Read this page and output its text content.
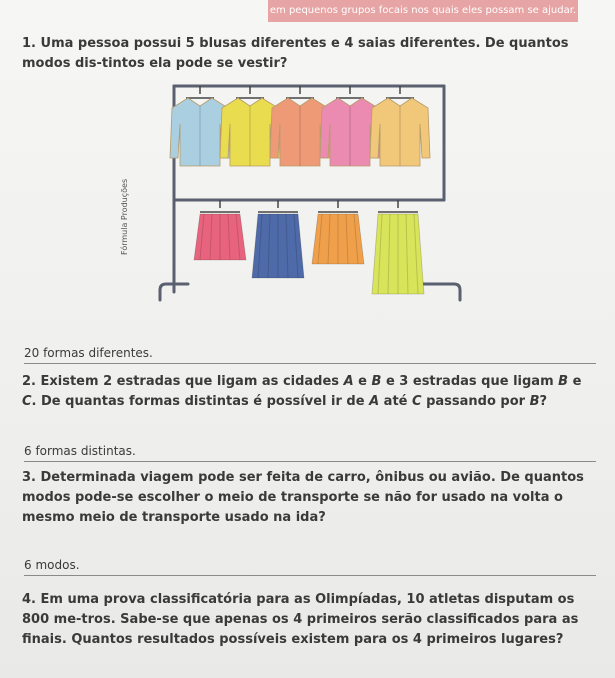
em pequenos grupos focais nos quais eles possam se ajudar.
1. Uma pessoa possui 5 blusas diferentes e 4 saias diferentes. De quantos modos dis-tintos ela pode se vestir?
Fórmula Produções
20 formas diferentes.
2. Existem 2 estradas que ligam as cidades A e B e 3 estradas que ligam B e C. De quantas formas distintas é possível ir de A até C passando por B?
6 formas distintas.
3. Determinada viagem pode ser feita de carro, ônibus ou avião. De quantos modos pode-se escolher o meio de transporte se não for usado na volta o mesmo meio de transporte usado na ida?
6 modos.
4. Em uma prova classificatória para as Olimpíadas, 10 atletas disputam os 800 me-tros. Sabe-se que apenas os 4 primeiros serão classificados para as finais. Quantos resultados possíveis existem para os 4 primeiros lugares?
